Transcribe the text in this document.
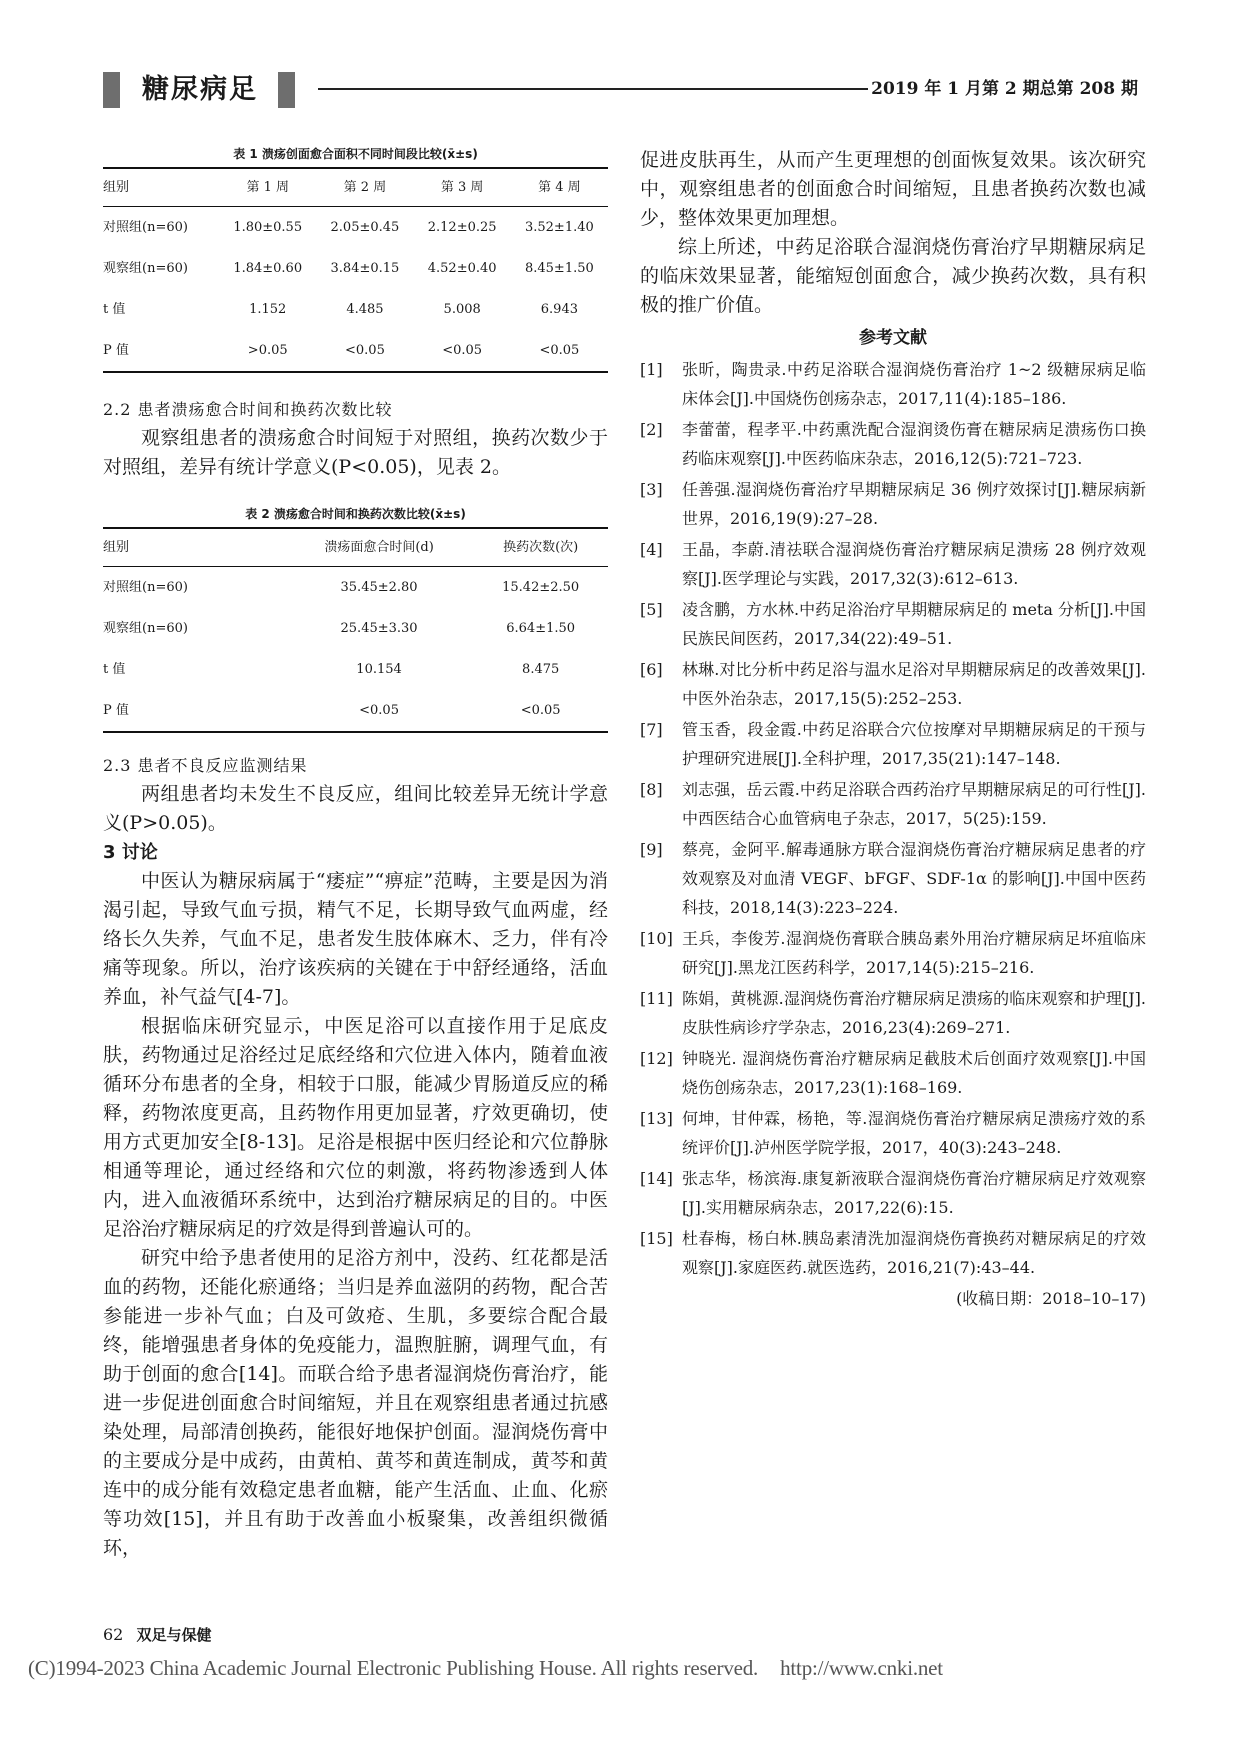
糖尿病足	2019 年 1 月第 2 期总第 208 期
表 1 溃疡创面愈合面积不同时间段比较(x̄±s)
组别	第 1 周	第 2 周	第 3 周	第 4 周
对照组(n=60)	1.80±0.55	2.05±0.45	2.12±0.25	3.52±1.40
观察组(n=60)	1.84±0.60	3.84±0.15	4.52±0.40	8.45±1.50
t 值	1.152	4.485	5.008	6.943
P 值	>0.05	<0.05	<0.05	<0.05

2.2 患者溃疡愈合时间和换药次数比较

观察组患者的溃疡愈合时间短于对照组，换药次数少于对照组，差异有统计学意义(P<0.05)，见表 2。

表 2 溃疡愈合时间和换药次数比较(x̄±s)
组别	溃疡面愈合时间(d)	换药次数(次)
对照组(n=60)	35.45±2.80	15.42±2.50
观察组(n=60)	25.45±3.30	6.64±1.50
t 值	10.154	8.475
P 值	<0.05	<0.05

2.3 患者不良反应监测结果

两组患者均未发生不良反应，组间比较差异无统计学意义(P>0.05)。

3 讨论

中医认为糖尿病属于“痿症”“痹症”范畴，主要是因为消渴引起，导致气血亏损，精气不足，长期导致气血两虚，经络长久失养，气血不足，患者发生肢体麻木、乏力，伴有冷痛等现象。所以，治疗该疾病的关键在于中舒经通络，活血养血，补气益气[4-7]。

根据临床研究显示，中医足浴可以直接作用于足底皮肤，药物通过足浴经过足底经络和穴位进入体内，随着血液循环分布患者的全身，相较于口服，能减少胃肠道反应的稀释，药物浓度更高，且药物作用更加显著，疗效更确切，使用方式更加安全[8-13]。足浴是根据中医归经论和穴位静脉相通等理论，通过经络和穴位的刺激，将药物渗透到人体内，进入血液循环系统中，达到治疗糖尿病足的目的。中医足浴治疗糖尿病足的疗效是得到普遍认可的。

研究中给予患者使用的足浴方剂中，没药、红花都是活血的药物，还能化瘀通络；当归是养血滋阴的药物，配合苦参能进一步补气血；白及可敛疮、生肌，多要综合配合最终，能增强患者身体的免疫能力，温煦脏腑，调理气血，有助于创面的愈合[14]。而联合给予患者湿润烧伤膏治疗，能进一步促进创面愈合时间缩短，并且在观察组患者通过抗感染处理，局部清创换药，能很好地保护创面。湿润烧伤膏中的主要成分是中成药，由黄柏、黄芩和黄连制成，黄芩和黄连中的成分能有效稳定患者血糖，能产生活血、止血、化瘀等功效[15]，并且有助于改善血小板聚集，改善组织微循环，

促进皮肤再生，从而产生更理想的创面恢复效果。该次研究中，观察组患者的创面愈合时间缩短，且患者换药次数也减少，整体效果更加理想。

综上所述，中药足浴联合湿润烧伤膏治疗早期糖尿病足的临床效果显著，能缩短创面愈合，减少换药次数，具有积极的推广价值。

参考文献
[1]	张昕，陶贵录.中药足浴联合湿润烧伤膏治疗 1~2 级糖尿病足临床体会[J].中国烧伤创疡杂志，2017,11(4):185–186.
[2]	李蕾蕾，程孝平.中药熏洗配合湿润烫伤膏在糖尿病足溃疡伤口换药临床观察[J].中医药临床杂志，2016,12(5):721–723.
[3]	任善强.湿润烧伤膏治疗早期糖尿病足 36 例疗效探讨[J].糖尿病新世界，2016,19(9):27–28.
[4]	王晶，李蔚.清祛联合湿润烧伤膏治疗糖尿病足溃疡 28 例疗效观察[J].医学理论与实践，2017,32(3):612–613.
[5]	凌含鹏，方水林.中药足浴治疗早期糖尿病足的 meta 分析[J].中国民族民间医药，2017,34(22):49–51.
[6]	林琳.对比分析中药足浴与温水足浴对早期糖尿病足的改善效果[J].中医外治杂志，2017,15(5):252–253.
[7]	管玉香，段金霞.中药足浴联合穴位按摩对早期糖尿病足的干预与护理研究进展[J].全科护理，2017,35(21):147–148.
[8]	刘志强，岳云霞.中药足浴联合西药治疗早期糖尿病足的可行性[J].中西医结合心血管病电子杂志，2017，5(25):159.
[9]	蔡亮，金阿平.解毒通脉方联合湿润烧伤膏治疗糖尿病足患者的疗效观察及对血清 VEGF、bFGF、SDF-1α 的影响[J].中国中医药科技，2018,14(3):223–224.
[10] 王兵，李俊芳.湿润烧伤膏联合胰岛素外用治疗糖尿病足坏疽临床研究[J].黑龙江医药科学，2017,14(5):215–216.
[11] 陈娟，黄桃源.湿润烧伤膏治疗糖尿病足溃疡的临床观察和护理[J].皮肤性病诊疗学杂志，2016,23(4):269–271.
[12] 钟晓光. 湿润烧伤膏治疗糖尿病足截肢术后创面疗效观察[J].中国烧伤创疡杂志，2017,23(1):168–169.
[13] 何坤，甘仲霖，杨艳，等.湿润烧伤膏治疗糖尿病足溃疡疗效的系统评价[J].泸州医学院学报，2017，40(3):243–248.
[14] 张志华，杨滨海.康复新液联合湿润烧伤膏治疗糖尿病足疗效观察[J].实用糖尿病杂志，2017,22(6):15.
[15] 杜春梅，杨白林.胰岛素清洗加湿润烧伤膏换药对糖尿病足的疗效观察[J].家庭医药.就医选药，2016,21(7):43–44.
(收稿日期：2018–10–17)
62 双足与保健
(C)1994-2023 China Academic Journal Electronic Publishing House. All rights reserved. http://www.cnki.net
